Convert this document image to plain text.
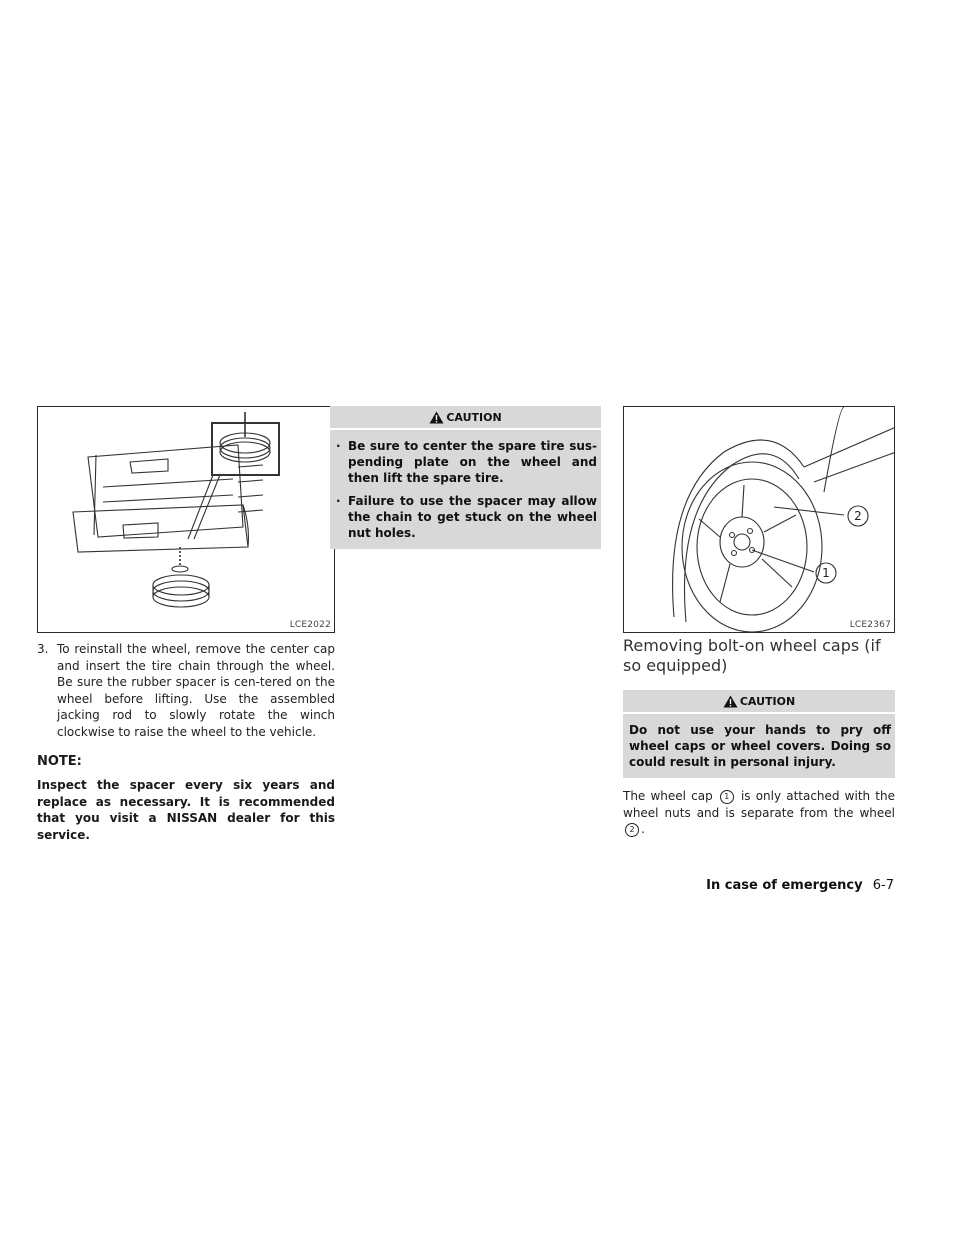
LCE2022
2
1
LCE2367
3. To reinstall the wheel, remove the center cap and insert the tire chain through the wheel. Be sure the rubber spacer is cen-tered on the wheel before lifting. Use the assembled jacking rod to slowly rotate the winch clockwise to raise the wheel to the vehicle.
NOTE:
Inspect the spacer every six years and replace as necessary. It is recommended that you visit a NISSAN dealer for this service.
CAUTION
· Be sure to center the spare tire sus-pending plate on the wheel and then lift the spare tire.
· Failure to use the spacer may allow the chain to get stuck on the wheel nut holes.
Removing bolt-on wheel caps (if so equipped)
CAUTION
Do not use your hands to pry off wheel caps or wheel covers. Doing so could result in personal injury.
The wheel cap 1 is only attached with the wheel nuts and is separate from the wheel 2 .
In case of emergency 6-7
